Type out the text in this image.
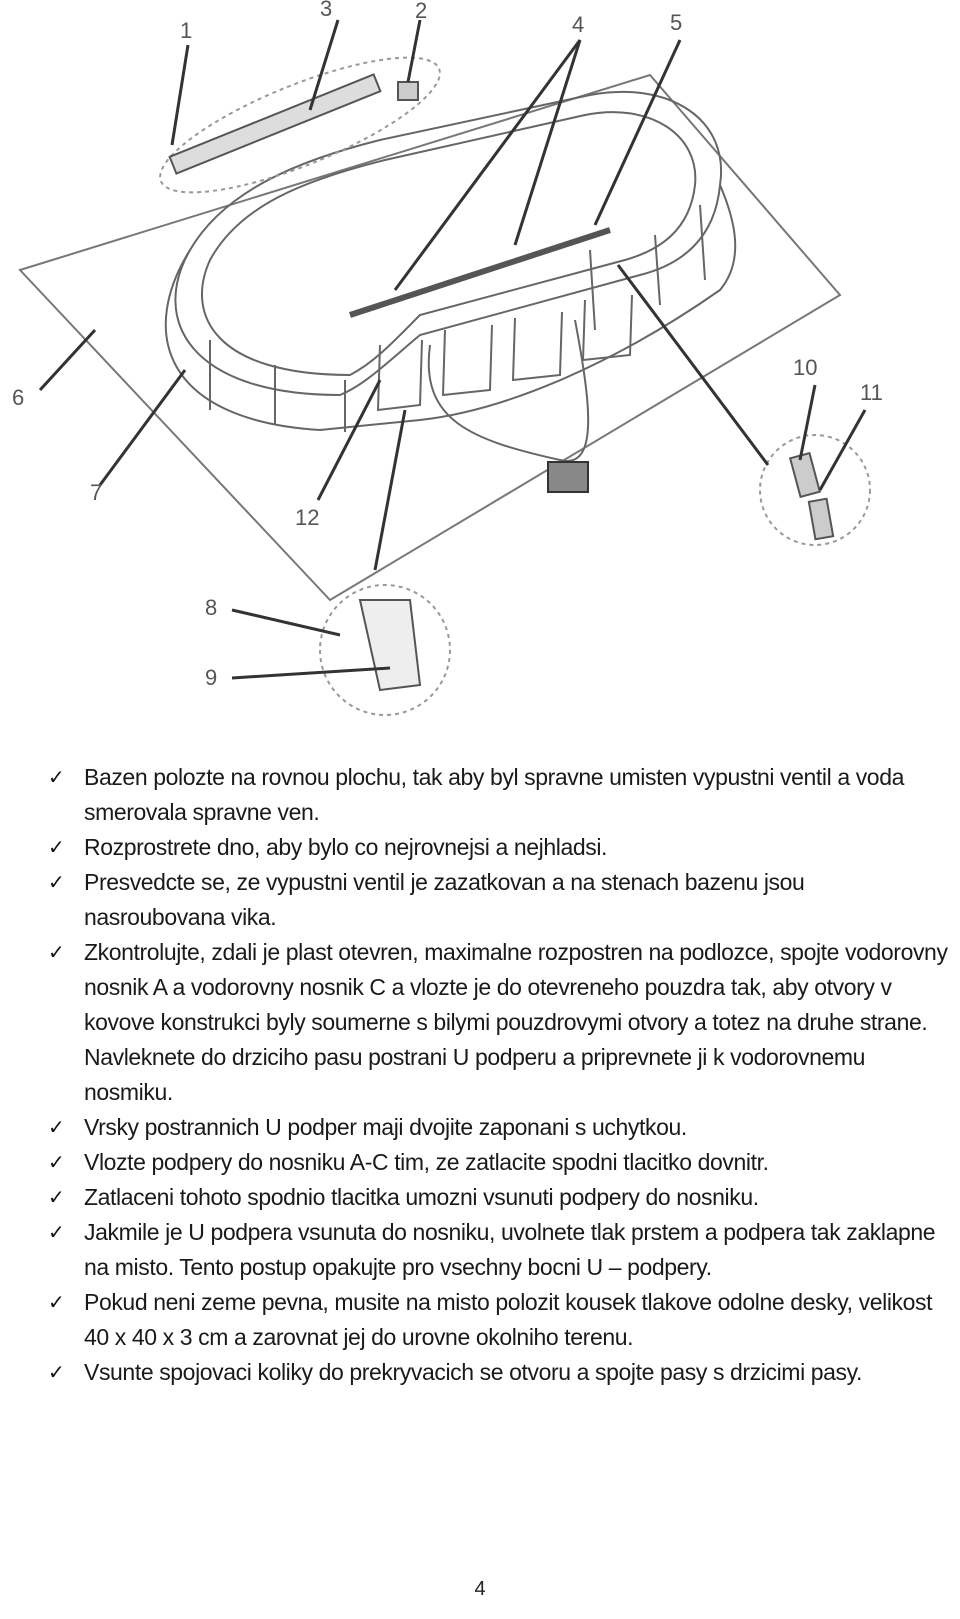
1
2
3
4	5
6
7
8
9
10
11
12
✓ Bazen polozte na rovnou plochu, tak aby byl spravne umisten vypustni ventil a voda smerovala spravne ven.
✓ Rozprostrete dno, aby bylo co nejrovnejsi a nejhladsi.
✓ Presvedcte se, ze vypustni ventil je zazatkovan a na stenach bazenu jsou nasroubovana vika.
✓ Zkontrolujte, zdali je plast otevren, maximalne rozpostren na podlozce, spojte vodorovny nosnik A a vodorovny nosnik C a vlozte je do otevreneho pouzdra tak, aby otvory v kovove konstrukci byly soumerne s bilymi pouzdrovymi otvory a totez na druhe strane. Navleknete do drziciho pasu postrani U podperu a priprevnete ji k vodorovnemu nosmiku.
✓ Vrsky postrannich U podper maji dvojite zaponani s uchytkou.
✓ Vlozte podpery do nosniku A-C tim, ze zatlacite spodni tlacitko dovnitr.
✓ Zatlaceni tohoto spodnio tlacitka umozni vsunuti podpery do nosniku.
✓ Jakmile je U podpera vsunuta do nosniku, uvolnete tlak prstem a podpera tak zaklapne na misto. Tento postup opakujte pro vsechny bocni U – podpery.
✓ Pokud neni zeme pevna, musite na misto polozit kousek tlakove odolne desky, velikost 40 x 40 x 3 cm a zarovnat jej do urovne okolniho terenu.
✓ Vsunte spojovaci koliky do prekryvacich se otvoru a spojte pasy s drzicimi pasy.
4
